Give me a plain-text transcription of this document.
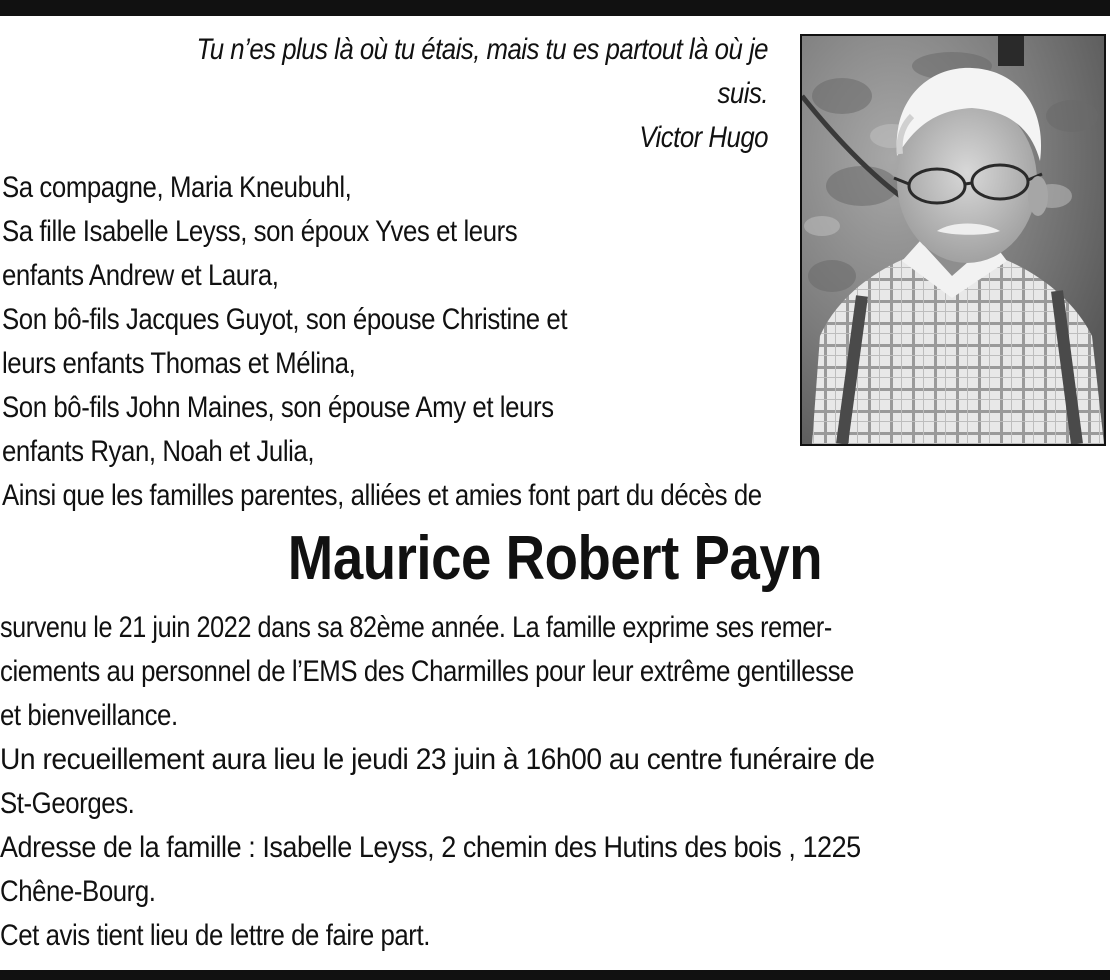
Tu n’es plus là où tu étais, mais tu es partout là où je
suis.
Victor Hugo
Sa compagne, Maria Kneubuhl,
Sa fille Isabelle Leyss, son époux Yves et leurs
enfants Andrew et Laura,
Son bô-fils Jacques Guyot, son épouse Christine et
leurs enfants Thomas et Mélina,
Son bô-fils John Maines, son épouse Amy et leurs
enfants Ryan, Noah et Julia,
Ainsi que les familles parentes, alliées et amies font part du décès de
Maurice Robert Payn
survenu le 21 juin 2022 dans sa 82ème année. La famille exprime ses remer-
ciements au personnel de l’EMS des Charmilles pour leur extrême gentillesse
et bienveillance.
Un recueillement aura lieu le jeudi 23 juin à 16h00 au centre funéraire de
St-Georges.
Adresse de la famille : Isabelle Leyss, 2 chemin des Hutins des bois , 1225
Chêne-Bourg.
Cet avis tient lieu de lettre de faire part.
